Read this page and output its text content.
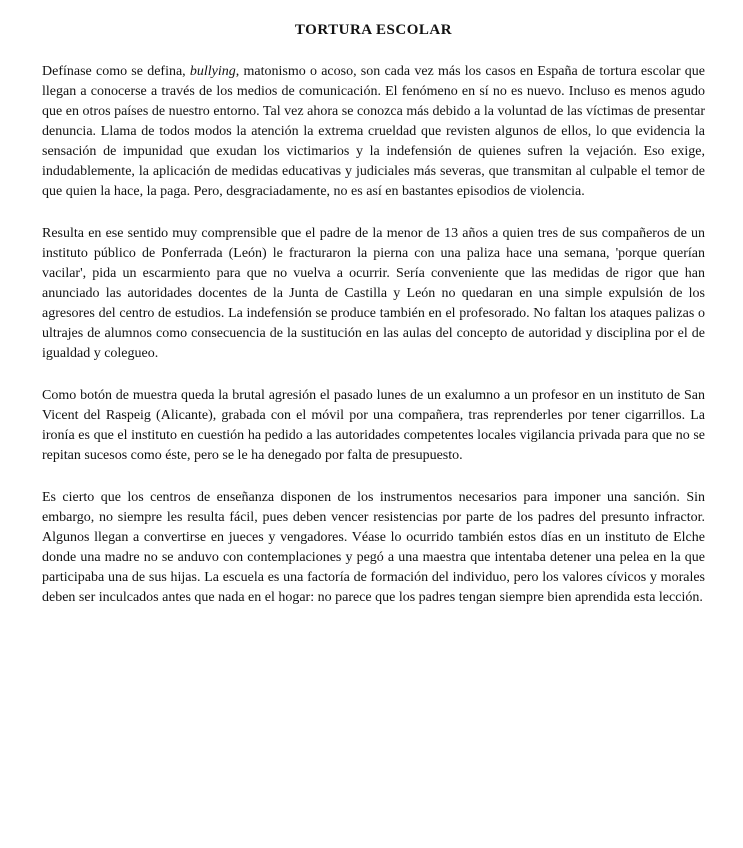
TORTURA ESCOLAR

Defínase como se defina, bullying, matonismo o acoso, son cada vez más los casos en España de tortura escolar que llegan a conocerse a través de los medios de comunicación. El fenómeno en sí no es nuevo. Incluso es menos agudo que en otros países de nuestro entorno. Tal vez ahora se conozca más debido a la voluntad de las víctimas de presentar denuncia. Llama de todos modos la atención la extrema crueldad que revisten algunos de ellos, lo que evidencia la sensación de impunidad que exudan los victimarios y la indefensión de quienes sufren la vejación. Eso exige, indudablemente, la aplicación de medidas educativas y judiciales más severas, que transmitan al culpable el temor de que quien la hace, la paga. Pero, desgraciadamente, no es así en bastantes episodios de violencia.

Resulta en ese sentido muy comprensible que el padre de la menor de 13 años a quien tres de sus compañeros de un instituto público de Ponferrada (León) le fracturaron la pierna con una paliza hace una semana, 'porque querían vacilar', pida un escarmiento para que no vuelva a ocurrir. Sería conveniente que las medidas de rigor que han anunciado las autoridades docentes de la Junta de Castilla y León no quedaran en una simple expulsión de los agresores del centro de estudios. La indefensión se produce también en el profesorado. No faltan los ataques palizas o ultrajes de alumnos como consecuencia de la sustitución en las aulas del concepto de autoridad y disciplina por el de igualdad y colegueo.

Como botón de muestra queda la brutal agresión el pasado lunes de un exalumno a un profesor en un instituto de San Vicent del Raspeig (Alicante), grabada con el móvil por una compañera, tras reprenderles por tener cigarrillos. La ironía es que el instituto en cuestión ha pedido a las autoridades competentes locales vigilancia privada para que no se repitan sucesos como éste, pero se le ha denegado por falta de presupuesto.

Es cierto que los centros de enseñanza disponen de los instrumentos necesarios para imponer una sanción. Sin embargo, no siempre les resulta fácil, pues deben vencer resistencias por parte de los padres del presunto infractor. Algunos llegan a convertirse en jueces y vengadores. Véase lo ocurrido también estos días en un instituto de Elche donde una madre no se anduvo con contemplaciones y pegó a una maestra que intentaba detener una pelea en la que participaba una de sus hijas. La escuela es una factoría de formación del individuo, pero los valores cívicos y morales deben ser inculcados antes que nada en el hogar: no parece que los padres tengan siempre bien aprendida esta lección.
